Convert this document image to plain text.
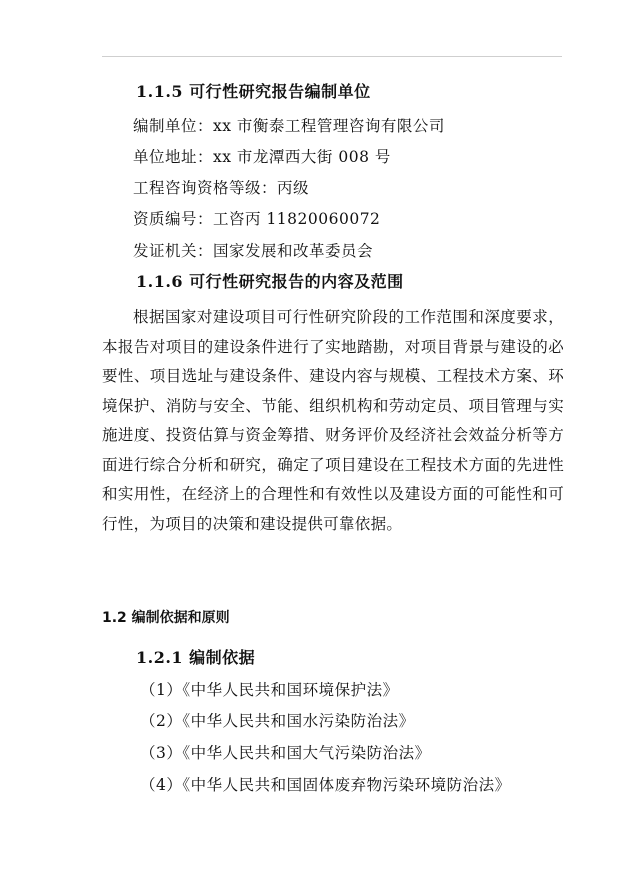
1.1.5 可行性研究报告编制单位
编制单位：xx 市衡泰工程管理咨询有限公司
单位地址：xx 市龙潭西大街 008 号
工程咨询资格等级：丙级
资质编号：工咨丙 11820060072
发证机关：国家发展和改革委员会
1.1.6 可行性研究报告的内容及范围

根据国家对建设项目可行性研究阶段的工作范围和深度要求，本报告对项目的建设条件进行了实地踏勘，对项目背景与建设的必要性、项目选址与建设条件、建设内容与规模、工程技术方案、环境保护、消防与安全、节能、组织机构和劳动定员、项目管理与实施进度、投资估算与资金筹措、财务评价及经济社会效益分析等方面进行综合分析和研究，确定了项目建设在工程技术方面的先进性和实用性，在经济上的合理性和有效性以及建设方面的可能性和可行性，为项目的决策和建设提供可靠依据。

1.2 编制依据和原则
1.2.1 编制依据
（1）《中华人民共和国环境保护法》
（2）《中华人民共和国水污染防治法》
（3）《中华人民共和国大气污染防治法》
（4）《中华人民共和国固体废弃物污染环境防治法》
